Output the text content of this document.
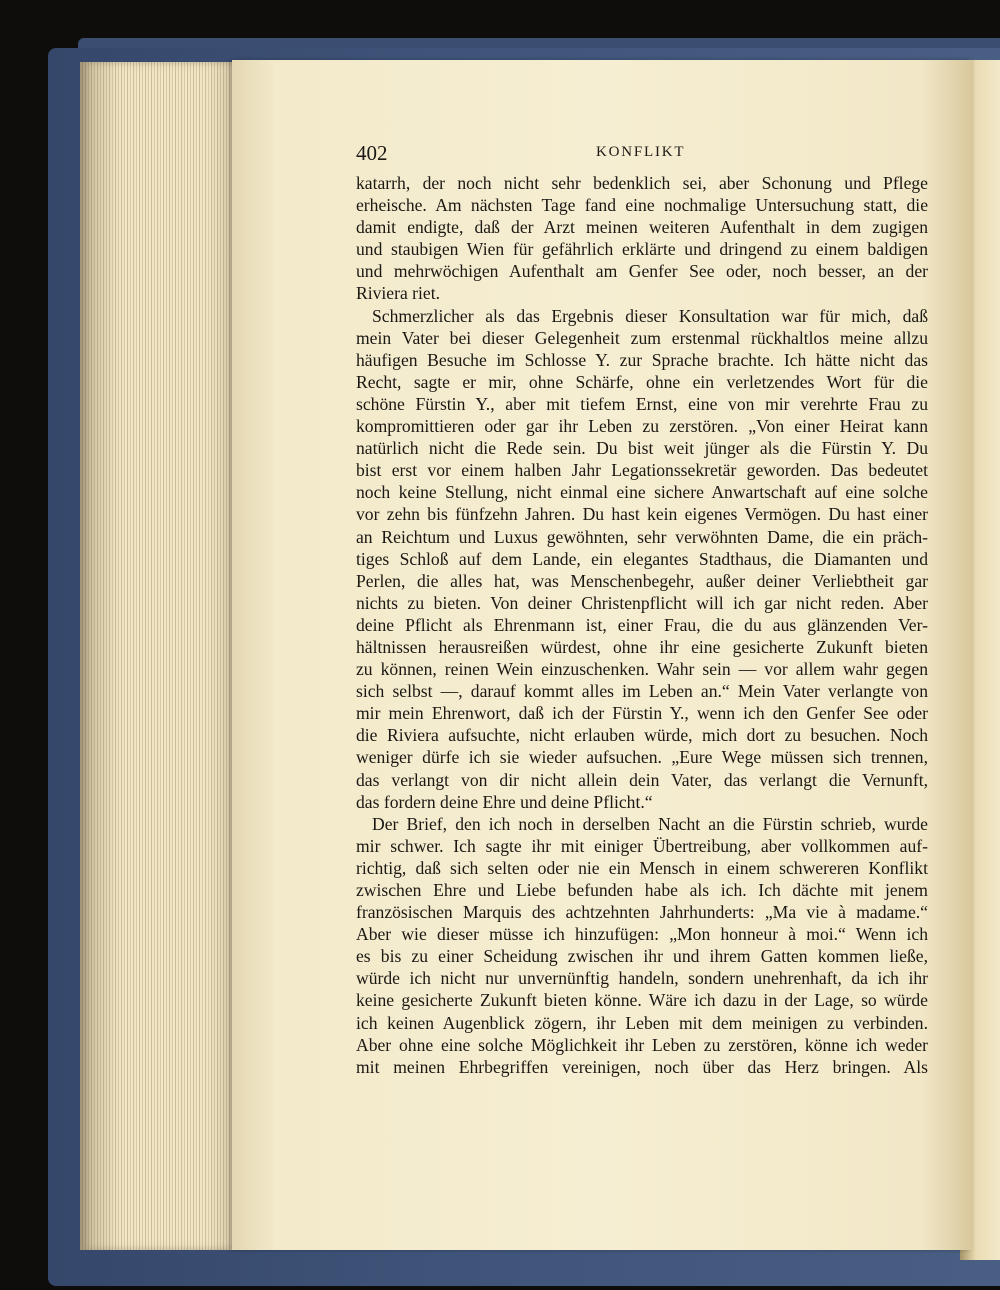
402	KONFLIKT
katarrh, der noch nicht sehr bedenklich sei, aber Schonung und Pflege
erheische. Am nächsten Tage fand eine nochmalige Untersuchung statt, die
damit endigte, daß der Arzt meinen weiteren Aufenthalt in dem zugigen
und staubigen Wien für gefährlich erklärte und dringend zu einem baldigen
und mehrwöchigen Aufenthalt am Genfer See oder, noch besser, an der
Riviera riet.
Schmerzlicher als das Ergebnis dieser Konsultation war für mich, daß
mein Vater bei dieser Gelegenheit zum erstenmal rückhaltlos meine allzu
häufigen Besuche im Schlosse Y. zur Sprache brachte. Ich hätte nicht das
Recht, sagte er mir, ohne Schärfe, ohne ein verletzendes Wort für die
schöne Fürstin Y., aber mit tiefem Ernst, eine von mir verehrte Frau zu
kompromittieren oder gar ihr Leben zu zerstören. „Von einer Heirat kann
natürlich nicht die Rede sein. Du bist weit jünger als die Fürstin Y. Du
bist erst vor einem halben Jahr Legationssekretär geworden. Das bedeutet
noch keine Stellung, nicht einmal eine sichere Anwartschaft auf eine solche
vor zehn bis fünfzehn Jahren. Du hast kein eigenes Vermögen. Du hast einer
an Reichtum und Luxus gewöhnten, sehr verwöhnten Dame, die ein präch-
tiges Schloß auf dem Lande, ein elegantes Stadthaus, die Diamanten und
Perlen, die alles hat, was Menschenbegehr, außer deiner Verliebtheit gar
nichts zu bieten. Von deiner Christenpflicht will ich gar nicht reden. Aber
deine Pflicht als Ehrenmann ist, einer Frau, die du aus glänzenden Ver-
hältnissen herausreißen würdest, ohne ihr eine gesicherte Zukunft bieten
zu können, reinen Wein einzuschenken. Wahr sein — vor allem wahr gegen
sich selbst —, darauf kommt alles im Leben an.“ Mein Vater verlangte von
mir mein Ehrenwort, daß ich der Fürstin Y., wenn ich den Genfer See oder
die Riviera aufsuchte, nicht erlauben würde, mich dort zu besuchen. Noch
weniger dürfe ich sie wieder aufsuchen. „Eure Wege müssen sich trennen,
das verlangt von dir nicht allein dein Vater, das verlangt die Vernunft,
das fordern deine Ehre und deine Pflicht.“
Der Brief, den ich noch in derselben Nacht an die Fürstin schrieb, wurde
mir schwer. Ich sagte ihr mit einiger Übertreibung, aber vollkommen auf-
richtig, daß sich selten oder nie ein Mensch in einem schwereren Konflikt
zwischen Ehre und Liebe befunden habe als ich. Ich dächte mit jenem
französischen Marquis des achtzehnten Jahrhunderts: „Ma vie à madame.“
Aber wie dieser müsse ich hinzufügen: „Mon honneur à moi.“ Wenn ich
es bis zu einer Scheidung zwischen ihr und ihrem Gatten kommen ließe,
würde ich nicht nur unvernünftig handeln, sondern unehrenhaft, da ich ihr
keine gesicherte Zukunft bieten könne. Wäre ich dazu in der Lage, so würde
ich keinen Augenblick zögern, ihr Leben mit dem meinigen zu verbinden.
Aber ohne eine solche Möglichkeit ihr Leben zu zerstören, könne ich weder
mit meinen Ehrbegriffen vereinigen, noch über das Herz bringen. Als
